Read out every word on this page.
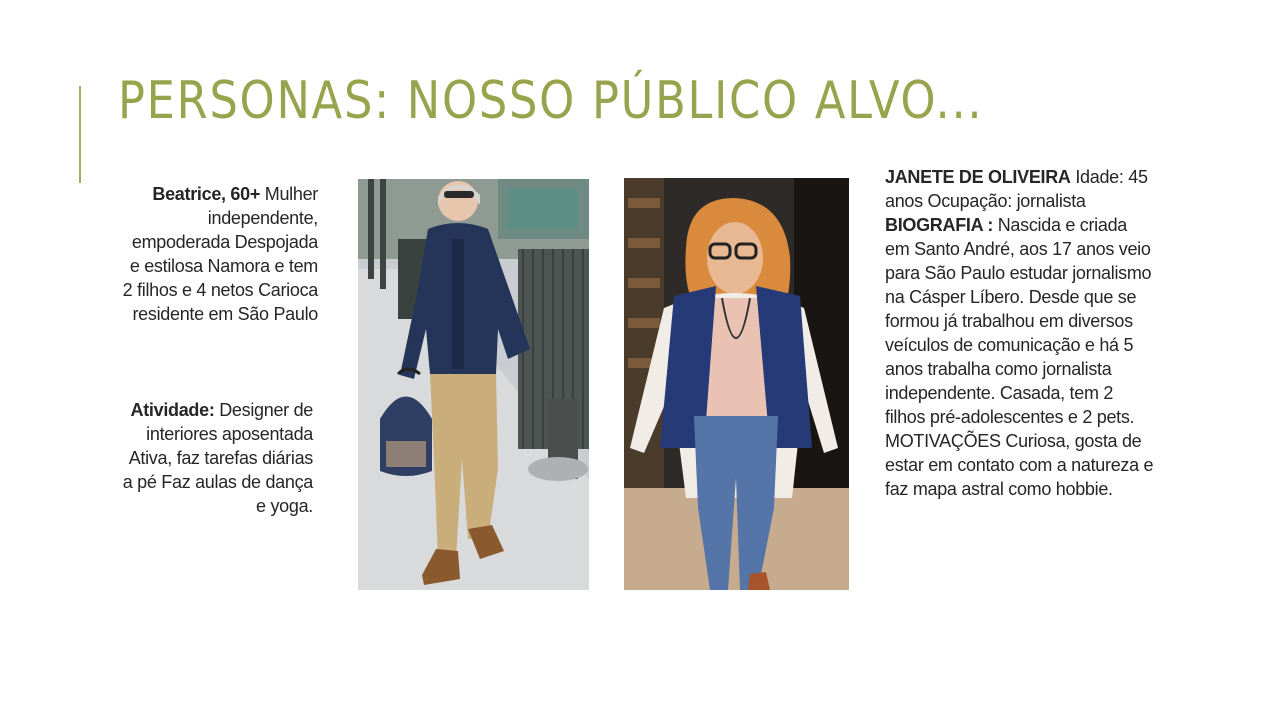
PERSONAS: NOSSO PÚBLICO ALVO...
Beatrice, 60+ Mulher independente, empoderada Despojada e estilosa Namora e tem 2 filhos e 4 netos Carioca residente em São Paulo
Atividade: Designer de interiores aposentada Ativa, faz tarefas diárias a pé Faz aulas de dança e yoga.
JANETE DE OLIVEIRA Idade: 45 anos Ocupação: jornalista BIOGRAFIA : Nascida e criada em Santo André, aos 17 anos veio para São Paulo estudar jornalismo na Cásper Líbero. Desde que se formou já trabalhou em diversos veículos de comunicação e há 5 anos trabalha como jornalista independente. Casada, tem 2 filhos pré-adolescentes e 2 pets. MOTIVAÇÕES Curiosa, gosta de estar em contato com a natureza e faz mapa astral como hobbie.
